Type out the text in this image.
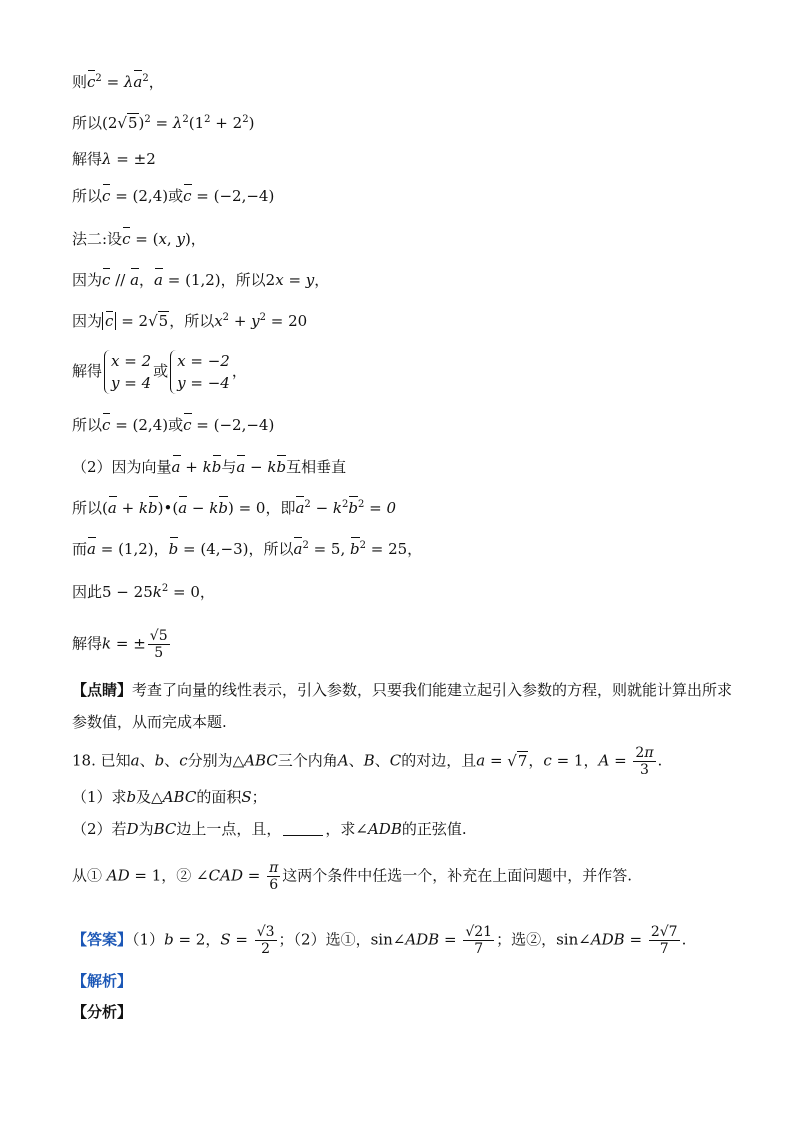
则$c^2 = \lambda a^2$，
所以$(2√5)^2 = \lambda^2(1^2 + 2^2)$
解得λ = ±2
所以c = (2,4)或c = (−2,−4)
法二:设c = (x, y)，
因为c // a，a = (1,2)，所以2x = y，
因为 c = 2√5，所以$x^2 + y^2 = 20$
解得
x = 2
y = 4
或
x = −2
y = −4
，
所以c = (2,4)或c = (−2,−4)
（2）因为向量a + kb与a − kb互相垂直
所以(a + kb)•(a − kb) = 0，即$a^2 - k^2b^2 = 0$
而a = (1,2)，b = (4,−3)，所以$a^2 = 5$, $b^2 = 25$，
因此$5 - 25k^2 = 0$，
解得k = ± $\frac{√5}{5}$
【点睛】考查了向量的线性表示，引入参数，只要我们能建立起引入参数的方程，则就能计算出所求参数值，从而完成本题.
18. 已知a、b、c分别为△ABC三个内角A、B、C的对边，且a = √7，c = 1，$A = \frac{2\pi}{3}$ .
（1）求b及△ABC的面积S；
（2）若D为BC边上一点，且，	，求∠ADB的正弦值.
从① AD = 1，② ∠CAD = $\frac{\pi}{6}$ 这两个条件中任选一个，补充在上面问题中，并作答.
【答案】（1）b = 2，$S = \frac{√3}{2}$ ；（2）选①，sin∠ADB = $\frac{√21}{7}$ ；选②，sin∠ADB = $\frac{2√7}{7}$ .
【解析】
【分析】
